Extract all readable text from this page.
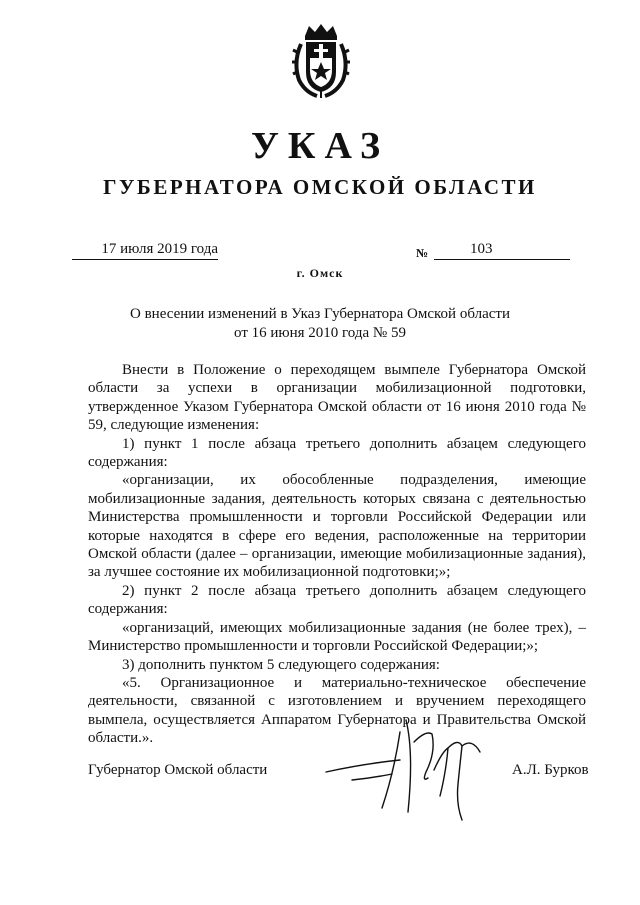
УКАЗ
ГУБЕРНАТОРА ОМСКОЙ ОБЛАСТИ
17 июля 2019 года	№	103
г. Омск
О внесении изменений в Указ Губернатора Омской области
от 16 июня 2010 года № 59

Внести в Положение о переходящем вымпеле Губернатора Омской области за успехи в организации мобилизационной подготовки, утвержденное Указом Губернатора Омской области от 16 июня 2010 года № 59, следующие изменения:

1) пункт 1 после абзаца третьего дополнить абзацем следующего содержания:

«организации, их обособленные подразделения, имеющие мобилизационные задания, деятельность которых связана с деятельностью Министерства промышленности и торговли Российской Федерации или которые находятся в сфере его ведения, расположенные на территории Омской области (далее – организации, имеющие мобилизационные задания), за лучшее состояние их мобилизационной подготовки;»;

2) пункт 2 после абзаца третьего дополнить абзацем следующего содержания:

«организаций, имеющих мобилизационные задания (не более трех), – Министерство промышленности и торговли Российской Федерации;»;

3) дополнить пунктом 5 следующего содержания:

«5. Организационное и материально-техническое обеспечение деятельности, связанной с изготовлением и вручением переходящего вымпела, осуществляется Аппаратом Губернатора и Правительства Омской области.».

Губернатор Омской области	А.Л. Бурков
